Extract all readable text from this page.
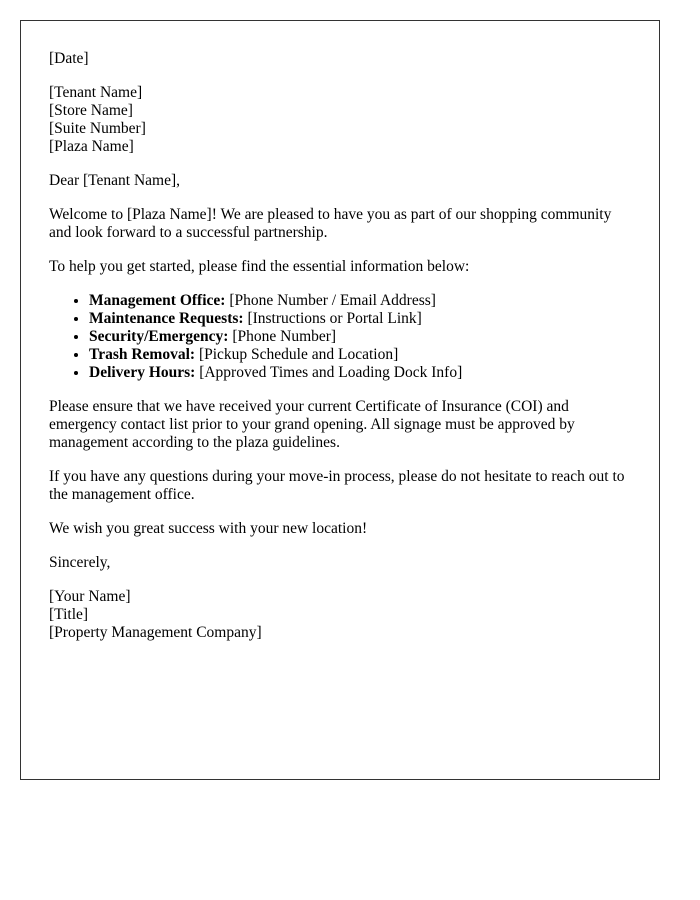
[Date]
[Tenant Name]
[Store Name]
[Suite Number]
[Plaza Name]

Dear [Tenant Name],

Welcome to [Plaza Name]! We are pleased to have you as part of our shopping community and look forward to a successful partnership.

To help you get started, please find the essential information below:

• Management Office: [Phone Number / Email Address]
• Maintenance Requests: [Instructions or Portal Link]
• Security/Emergency: [Phone Number]
• Trash Removal: [Pickup Schedule and Location]
• Delivery Hours: [Approved Times and Loading Dock Info]

Please ensure that we have received your current Certificate of Insurance (COI) and emergency contact list prior to your grand opening. All signage must be approved by management according to the plaza guidelines.

If you have any questions during your move-in process, please do not hesitate to reach out to the management office.

We wish you great success with your new location!

Sincerely,

[Your Name]
[Title]
[Property Management Company]
